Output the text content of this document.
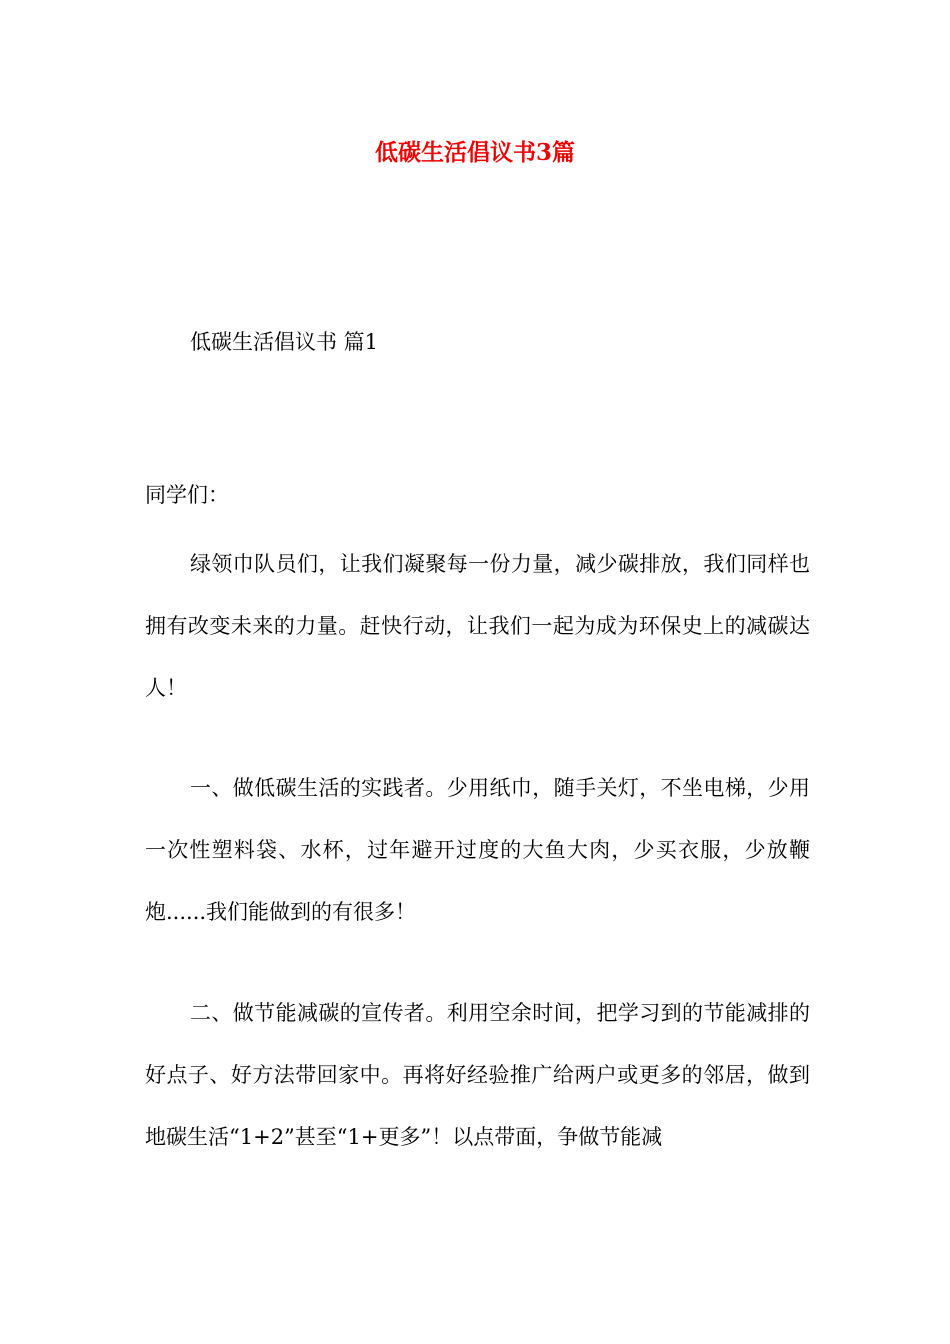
低碳生活倡议书3篇

低碳生活倡议书 篇1

同学们：

绿领巾队员们，让我们凝聚每一份力量，减少碳排放，我们同样也拥有改变未来的力量。赶快行动，让我们一起为成为环保史上的减碳达人！

一、做低碳生活的实践者。少用纸巾，随手关灯，不坐电梯，少用一次性塑料袋、水杯，过年避开过度的大鱼大肉，少买衣服，少放鞭炮......我们能做到的有很多！

二、做节能减碳的宣传者。利用空余时间，把学习到的节能减排的好点子、好方法带回家中。再将好经验推广给两户或更多的邻居，做到地碳生活“1+2”甚至“1+更多”！以点带面，争做节能减
